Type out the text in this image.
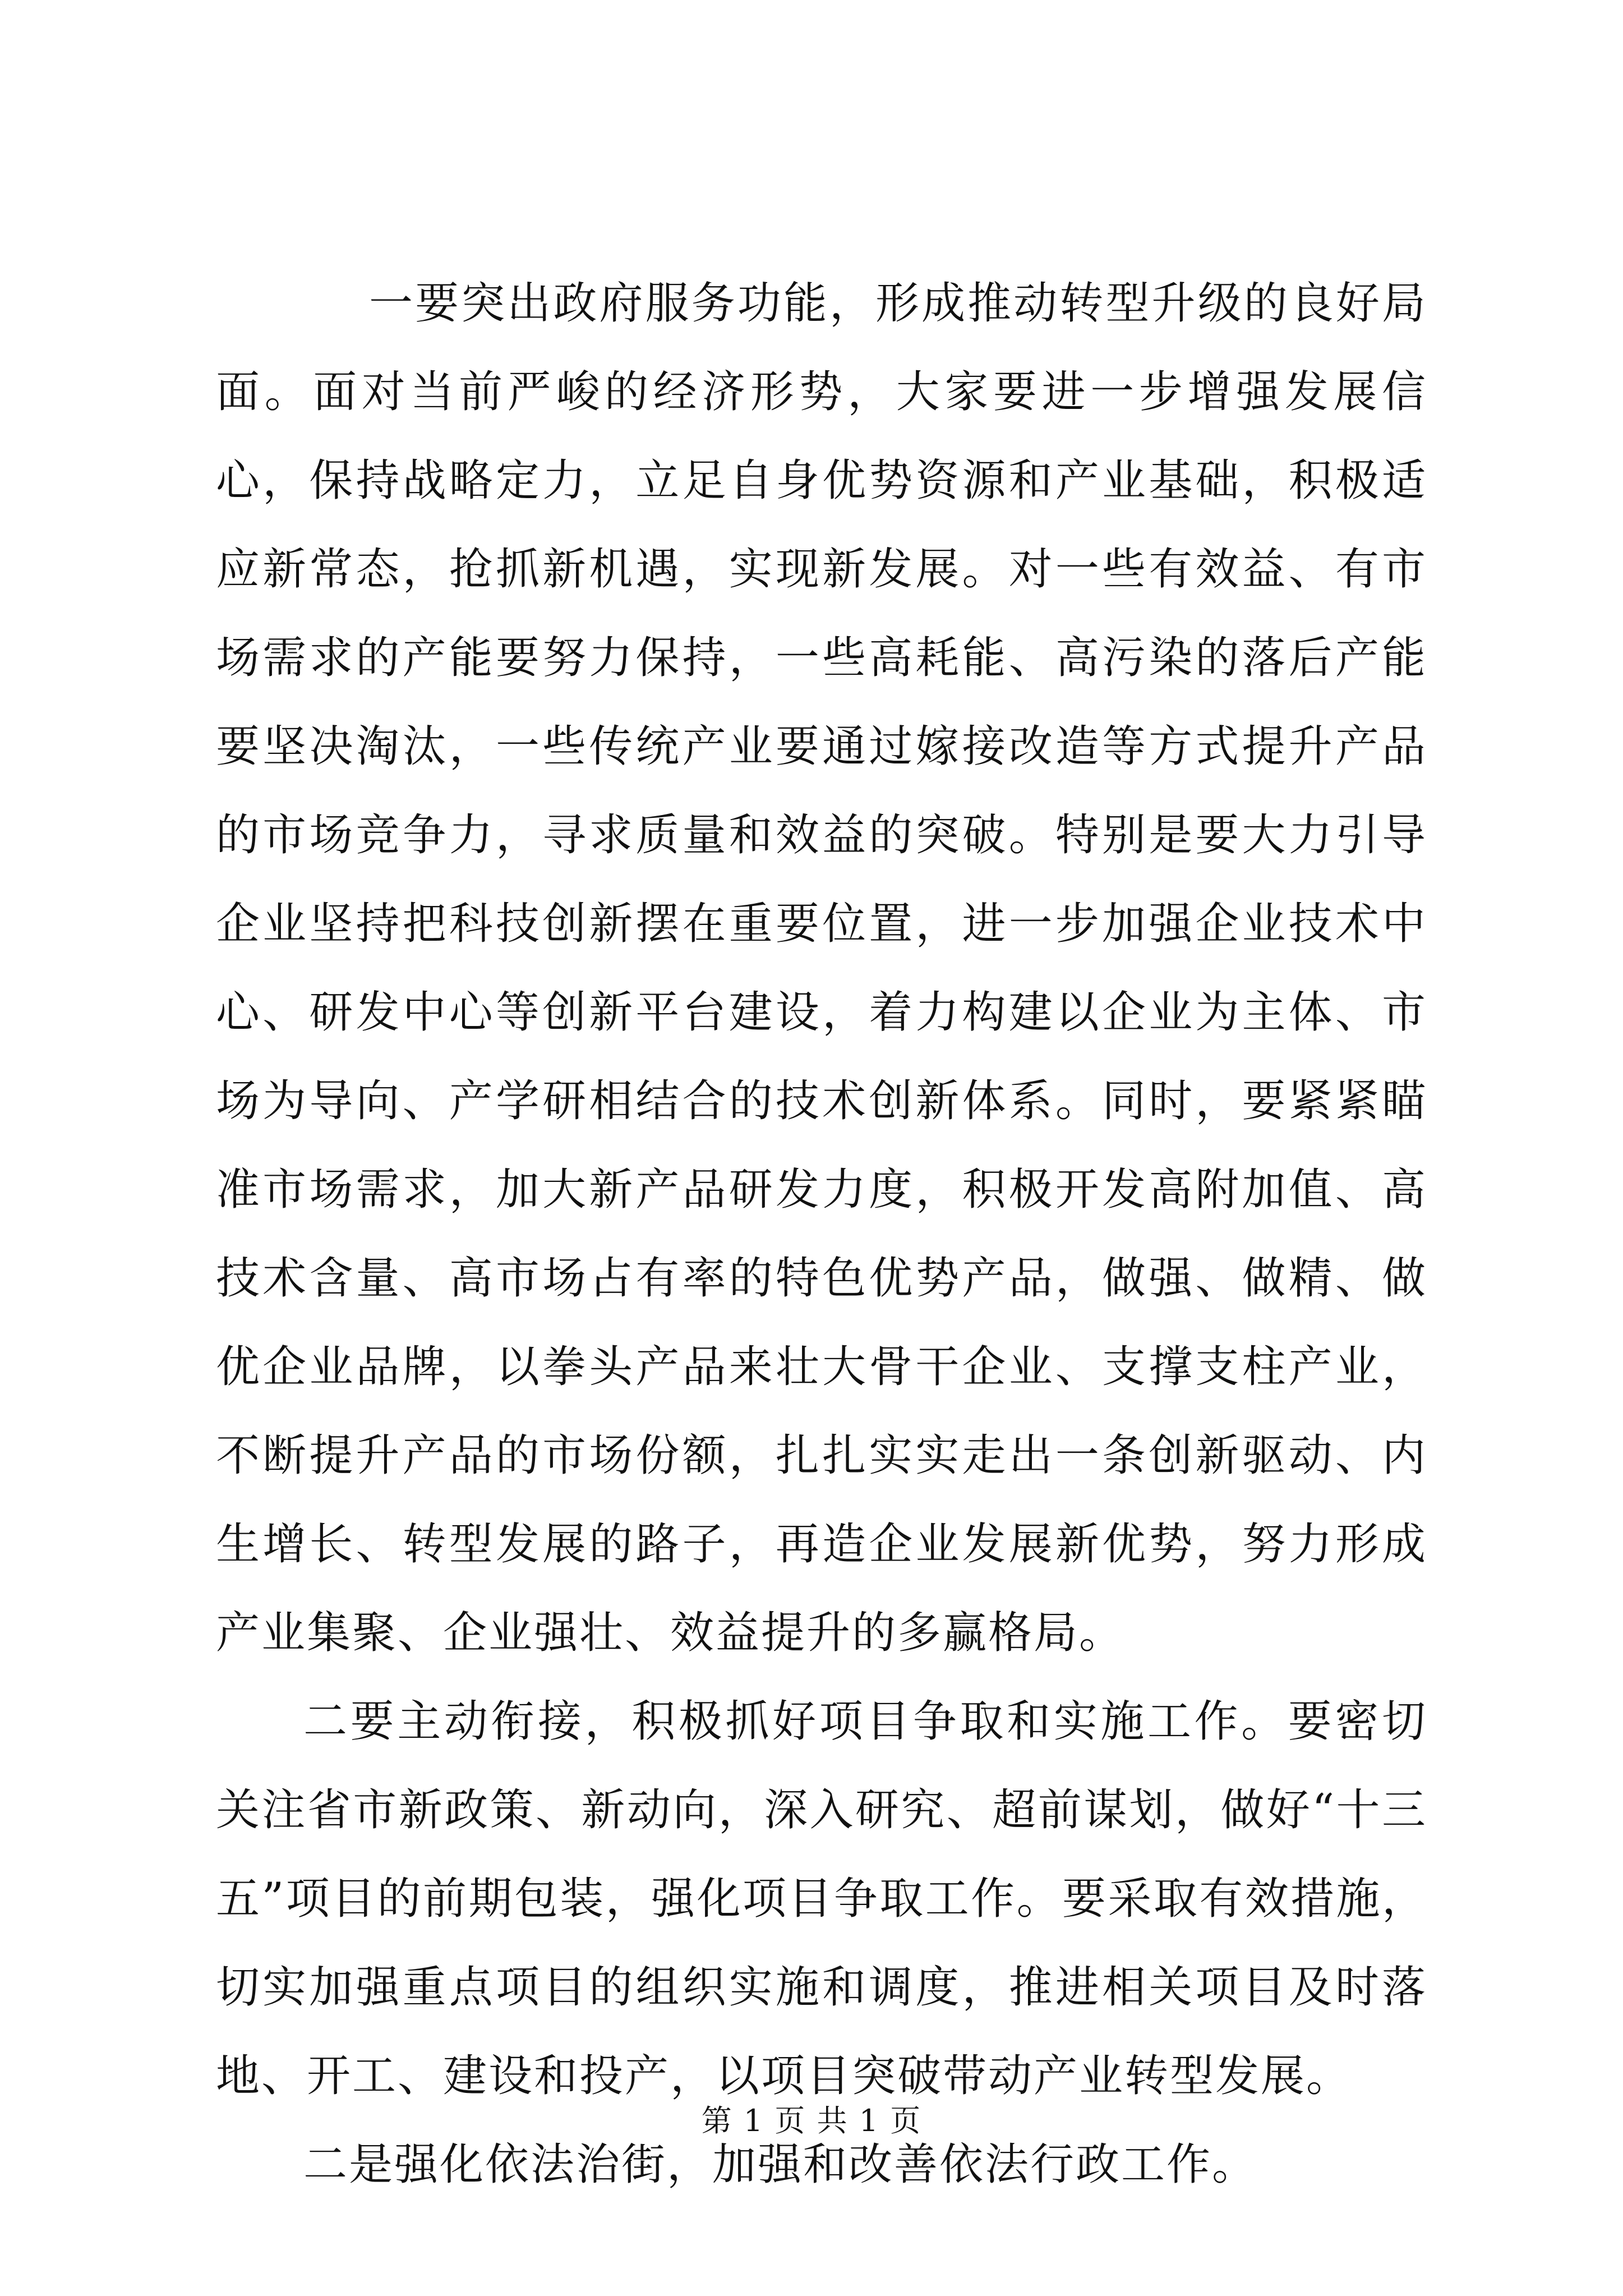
一要突出政府服务功能，形成推动转型升级的良好局面。面对当前严峻的经济形势，大家要进一步增强发展信心，保持战略定力，立足自身优势资源和产业基础，积极适应新常态，抢抓新机遇，实现新发展。对一些有效益、有市场需求的产能要努力保持，一些高耗能、高污染的落后产能要坚决淘汰，一些传统产业要通过嫁接改造等方式提升产品的市场竞争力，寻求质量和效益的突破。特别是要大力引导企业坚持把科技创新摆在重要位置，进一步加强企业技术中心、研发中心等创新平台建设，着力构建以企业为主体、市场为导向、产学研相结合的技术创新体系。同时，要紧紧瞄准市场需求，加大新产品研发力度，积极开发高附加值、高技术含量、高市场占有率的特色优势产品，做强、做精、做优企业品牌，以拳头产品来壮大骨干企业、支撑支柱产业，不断提升产品的市场份额，扎扎实实走出一条创新驱动、内生增长、转型发展的路子，再造企业发展新优势，努力形成产业集聚、企业强壮、效益提升的多赢格局。

二要主动衔接，积极抓好项目争取和实施工作。要密切关注省市新政策、新动向，深入研究、超前谋划，做好“十三五”项目的前期包装，强化项目争取工作。要采取有效措施，切实加强重点项目的组织实施和调度，推进相关项目及时落地、开工、建设和投产，以项目突破带动产业转型发展。

二是强化依法治街，加强和改善依法行政工作。

第 1 页 共 1 页
